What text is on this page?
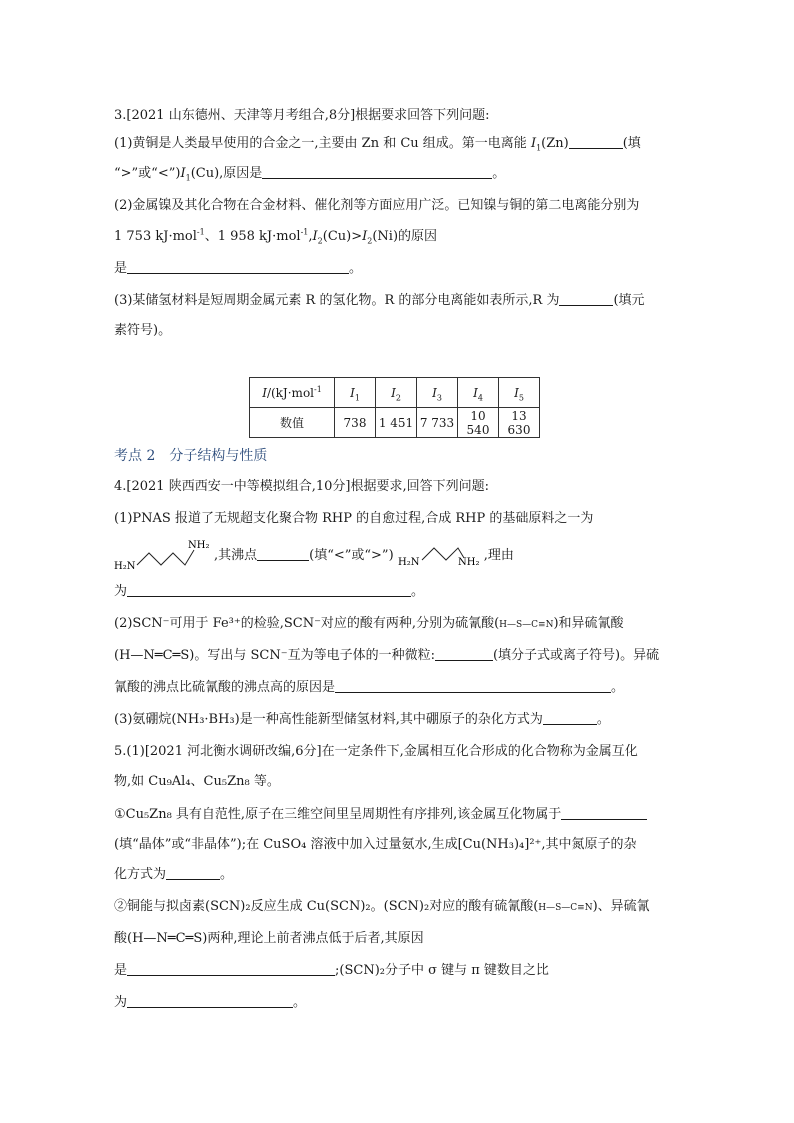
3.[2021 山东德州、天津等月考组合,8分]根据要求回答下列问题:
(1)黄铜是人类最早使用的合金之一,主要由 Zn 和 Cu 组成。第一电离能 $I_1(Zn)$	(填
“>”或“$<”)I_1(Cu)$,原因是	。
(2)金属镍及其化合物在合金材料、催化剂等方面应用广泛。已知镍与铜的第二电离能分别为
1 753 kJ·mol$^{-1}$、1 958 $kJ\cdot mol^{-1},I_2(Cu)>I_2(Ni)$的原因
是	。
(3)某储氢材料是短周期金属元素 R 的氢化物。R 的部分电离能如表所示,R 为	(填元
素符号)。
I/(kJ·mol$^{-1}$	$I_1$	$I_2$	$I_3$	$I_4$	$I_5$
数值	738	1 451	7 733	10 540	13 630
考点 2　分子结构与性质
4.[2021 陕西西安一中等模拟组合,10分]根据要求,回答下列问题:
(1)PNAS 报道了无规超支化聚合物 RHP 的自愈过程,合成 RHP 的基础原料之一为
H₂N
NH₂
,其沸点	(填“<”或“>”) H₂N	NH₂ ,理由
为	。
(2)SCN⁻可用于 Fe³⁺的检验,SCN⁻对应的酸有两种,分别为硫氰酸(H—S—C≡N)和异硫氰酸
(H—N═C═S)。写出与 SCN⁻互为等电子体的一种微粒:	(填分子式或离子符号)。异硫
氰酸的沸点比硫氰酸的沸点高的原因是	。
(3)氨硼烷(NH₃·BH₃)是一种高性能新型储氢材料,其中硼原子的杂化方式为	。
5.(1)[2021 河北衡水调研改编,6分]在一定条件下,金属相互化合形成的化合物称为金属互化
物,如 Cu₉Al₄、Cu₅Zn₈ 等。
①Cu₅Zn₈ 具有自范性,原子在三维空间里呈周期性有序排列,该金属互化物属于
(填“晶体”或“非晶体”);在 CuSO₄ 溶液中加入过量氨水,生成[Cu(NH₃)₄]²⁺,其中氮原子的杂
化方式为	。
②铜能与拟卤素(SCN)₂反应生成 Cu(SCN)₂。(SCN)₂对应的酸有硫氰酸(H—S—C≡N)、异硫氰
酸(H—N═C═S)两种,理论上前者沸点低于后者,其原因
是	;(SCN)₂分子中 σ 键与 π 键数目之比
为	。
